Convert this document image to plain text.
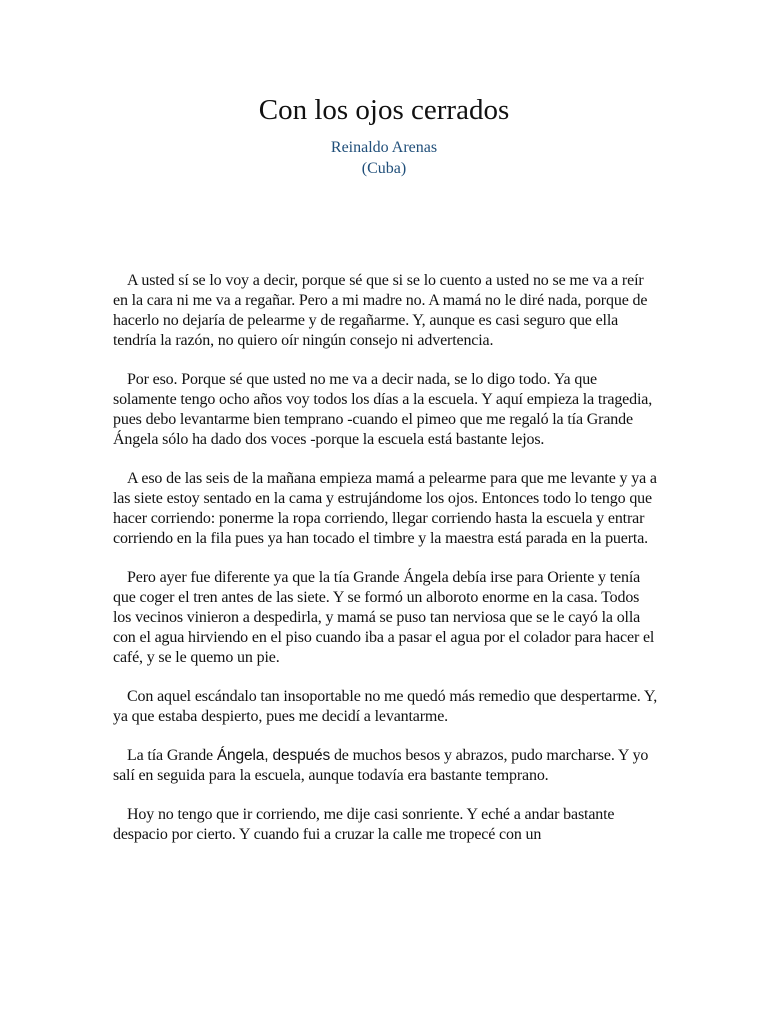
Con los ojos cerrados
Reinaldo Arenas
(Cuba)

A usted sí se lo voy a decir, porque sé que si se lo cuento a usted no se me va a reír en la cara ni me va a regañar. Pero a mi madre no. A mamá no le diré nada, porque de hacerlo no dejaría de pelearme y de regañarme. Y, aunque es casi seguro que ella tendría la razón, no quiero oír ningún consejo ni advertencia.

Por eso. Porque sé que usted no me va a decir nada, se lo digo todo. Ya que solamente tengo ocho años voy todos los días a la escuela. Y aquí empieza la tragedia, pues debo levantarme bien temprano -cuando el pimeo que me regaló la tía Grande Ángela sólo ha dado dos voces -porque la escuela está bastante lejos.

A eso de las seis de la mañana empieza mamá a pelearme para que me levante y ya a las siete estoy sentado en la cama y estrujándome los ojos. Entonces todo lo tengo que hacer corriendo: ponerme la ropa corriendo, llegar corriendo hasta la escuela y entrar corriendo en la fila pues ya han tocado el timbre y la maestra está parada en la puerta.

Pero ayer fue diferente ya que la tía Grande Ángela debía irse para Oriente y tenía que coger el tren antes de las siete. Y se formó un alboroto enorme en la casa. Todos los vecinos vinieron a despedirla, y mamá se puso tan nerviosa que se le cayó la olla con el agua hirviendo en el piso cuando iba a pasar el agua por el colador para hacer el café, y se le quemo un pie.

Con aquel escándalo tan insoportable no me quedó más remedio que despertarme. Y, ya que estaba despierto, pues me decidí a levantarme.

La tía Grande Ángela, después de muchos besos y abrazos, pudo marcharse. Y yo salí en seguida para la escuela, aunque todavía era bastante temprano.

Hoy no tengo que ir corriendo, me dije casi sonriente. Y eché a andar bastante despacio por cierto. Y cuando fui a cruzar la calle me tropecé con un
